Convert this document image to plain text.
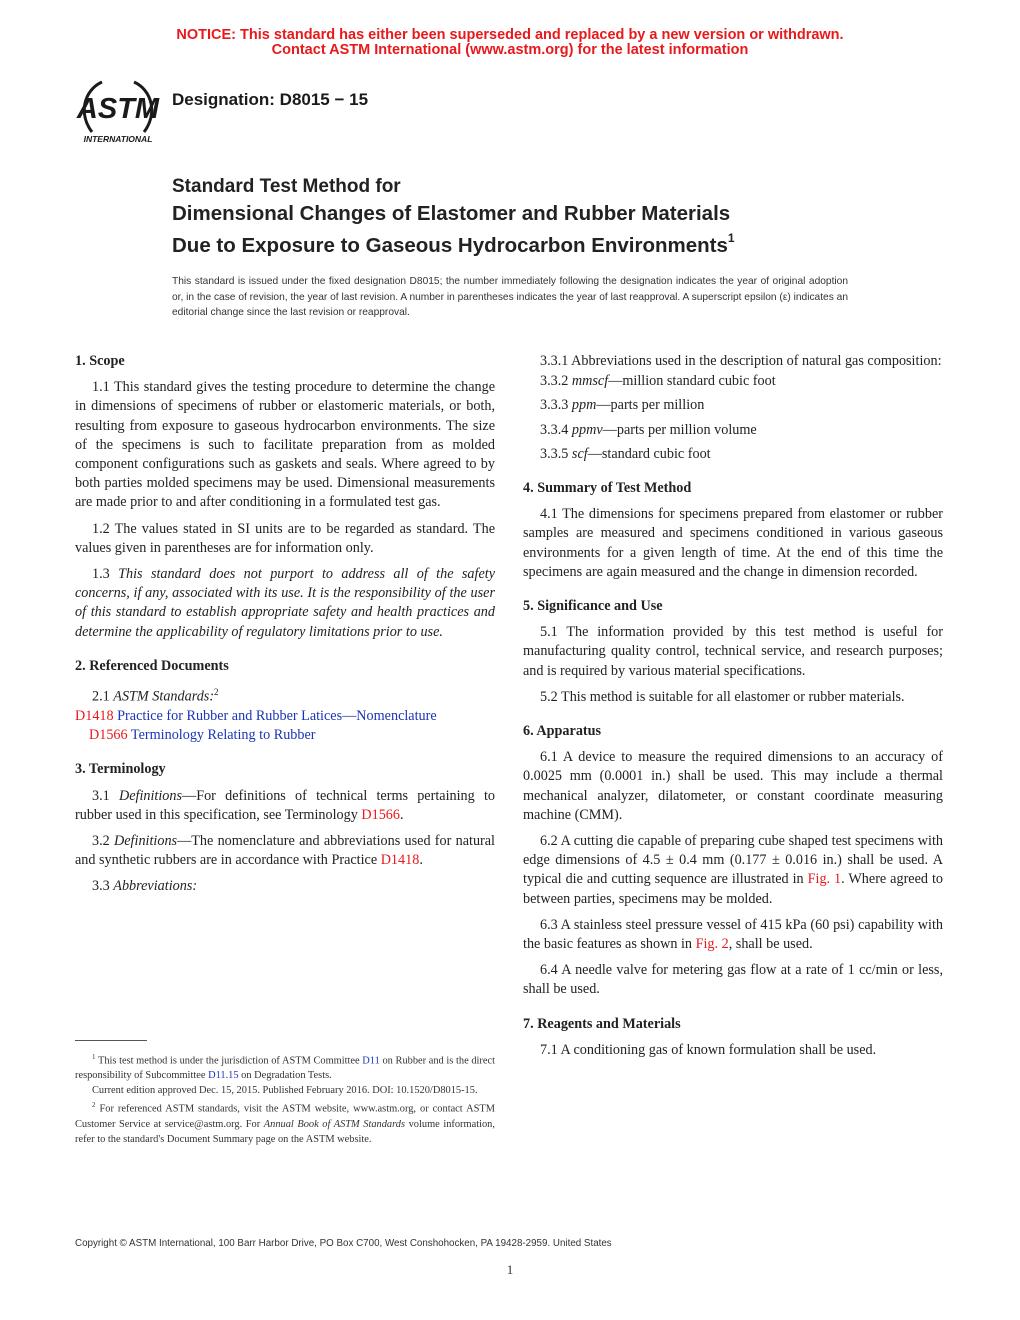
NOTICE: This standard has either been superseded and replaced by a new version or withdrawn.
Contact ASTM International (www.astm.org) for the latest information
ASTM
INTERNATIONAL
Designation: D8015 − 15
Standard Test Method for
Dimensional Changes of Elastomer and Rubber Materials
Due to Exposure to Gaseous Hydrocarbon Environments$^1$
This standard is issued under the fixed designation D8015; the number immediately following the designation indicates the year of original adoption or, in the case of revision, the year of last revision. A number in parentheses indicates the year of last reapproval. A superscript epsilon (ε) indicates an editorial change since the last revision or reapproval.

1. Scope

1.1 This standard gives the testing procedure to determine the change in dimensions of specimens of rubber or elastomeric materials, or both, resulting from exposure to gaseous hydrocarbon environments. The size of the specimens is such to facilitate preparation from as molded component configurations such as gaskets and seals. Where agreed to by both parties molded specimens may be used. Dimensional measurements are made prior to and after conditioning in a formulated test gas.

1.2 The values stated in SI units are to be regarded as standard. The values given in parentheses are for information only.

1.3 This standard does not purport to address all of the safety concerns, if any, associated with its use. It is the responsibility of the user of this standard to establish appropriate safety and health practices and determine the applicability of regulatory limitations prior to use.

2. Referenced Documents

2.1 ASTM Standards:$^2$

D1418 Practice for Rubber and Rubber Latices—Nomenclature

D1566 Terminology Relating to Rubber

3. Terminology

3.1 Definitions—For definitions of technical terms pertaining to rubber used in this specification, see Terminology D1566.

3.2 Definitions—The nomenclature and abbreviations used for natural and synthetic rubbers are in accordance with Practice D1418.

3.3 Abbreviations:

$^1$ This test method is under the jurisdiction of ASTM Committee D11 on Rubber and is the direct responsibility of Subcommittee D11.15 on Degradation Tests.

Current edition approved Dec. 15, 2015. Published February 2016. DOI: 10.1520/D8015-15.

$^2$ For referenced ASTM standards, visit the ASTM website, www.astm.org, or contact ASTM Customer Service at service@astm.org. For Annual Book of ASTM Standards volume information, refer to the standard's Document Summary page on the ASTM website.

3.3.1 Abbreviations used in the description of natural gas composition:

3.3.2 mmscf—million standard cubic foot

3.3.3 ppm—parts per million

3.3.4 ppmv—parts per million volume

3.3.5 scf—standard cubic foot

4. Summary of Test Method

4.1 The dimensions for specimens prepared from elastomer or rubber samples are measured and specimens conditioned in various gaseous environments for a given length of time. At the end of this time the specimens are again measured and the change in dimension recorded.

5. Significance and Use

5.1 The information provided by this test method is useful for manufacturing quality control, technical service, and research purposes; and is required by various material specifications.

5.2 This method is suitable for all elastomer or rubber materials.

6. Apparatus

6.1 A device to measure the required dimensions to an accuracy of 0.0025 mm (0.0001 in.) shall be used. This may include a thermal mechanical analyzer, dilatometer, or constant coordinate measuring machine (CMM).

6.2 A cutting die capable of preparing cube shaped test specimens with edge dimensions of 4.5 ± 0.4 mm (0.177 ± 0.016 in.) shall be used. A typical die and cutting sequence are illustrated in Fig. 1. Where agreed to between parties, specimens may be molded.

6.3 A stainless steel pressure vessel of 415 kPa (60 psi) capability with the basic features as shown in Fig. 2, shall be used.

6.4 A needle valve for metering gas flow at a rate of 1 cc/min or less, shall be used.

7. Reagents and Materials

7.1 A conditioning gas of known formulation shall be used.

Copyright © ASTM International, 100 Barr Harbor Drive, PO Box C700, West Conshohocken, PA 19428-2959. United States
1
